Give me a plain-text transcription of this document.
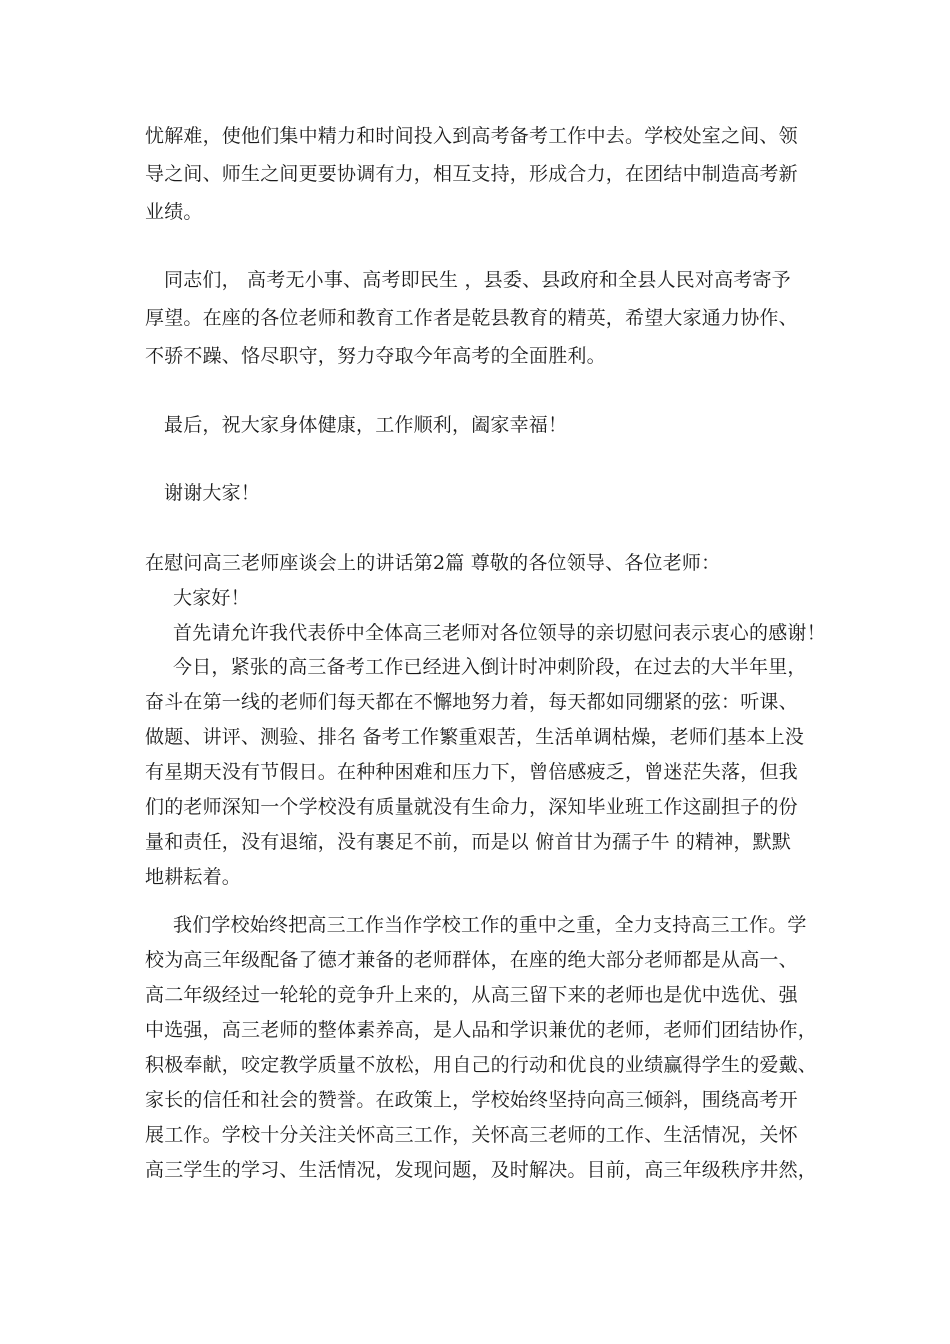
忧解难，使他们集中精力和时间投入到高考备考工作中去。学校处室之间、领
导之间、师生之间更要协调有力，相互支持，形成合力，在团结中制造高考新
业绩。
同志们， 高考无小事、高考即民生 ，县委、县政府和全县人民对高考寄予
厚望。在座的各位老师和教育工作者是乾县教育的精英，希望大家通力协作、
不骄不躁、恪尽职守，努力夺取今年高考的全面胜利。
最后，祝大家身体健康，工作顺利，阖家幸福！
谢谢大家！
在慰问高三老师座谈会上的讲话第2篇 尊敬的各位领导、各位老师：
大家好！
首先请允许我代表侨中全体高三老师对各位领导的亲切慰问表示衷心的感谢！
今日，紧张的高三备考工作已经进入倒计时冲刺阶段，在过去的大半年里，
奋斗在第一线的老师们每天都在不懈地努力着，每天都如同绷紧的弦：听课、
做题、讲评、测验、排名 备考工作繁重艰苦，生活单调枯燥，老师们基本上没
有星期天没有节假日。在种种困难和压力下，曾倍感疲乏，曾迷茫失落，但我
们的老师深知一个学校没有质量就没有生命力，深知毕业班工作这副担子的份
量和责任，没有退缩，没有裹足不前，而是以 俯首甘为孺子牛 的精神，默默
地耕耘着。
我们学校始终把高三工作当作学校工作的重中之重，全力支持高三工作。学
校为高三年级配备了德才兼备的老师群体，在座的绝大部分老师都是从高一、
高二年级经过一轮轮的竞争升上来的，从高三留下来的老师也是优中选优、强
中选强，高三老师的整体素养高，是人品和学识兼优的老师，老师们团结协作，
积极奉献，咬定教学质量不放松，用自己的行动和优良的业绩赢得学生的爱戴、
家长的信任和社会的赞誉。在政策上，学校始终坚持向高三倾斜，围绕高考开
展工作。学校十分关注关怀高三工作，关怀高三老师的工作、生活情况，关怀
高三学生的学习、生活情况，发现问题，及时解决。目前，高三年级秩序井然，
